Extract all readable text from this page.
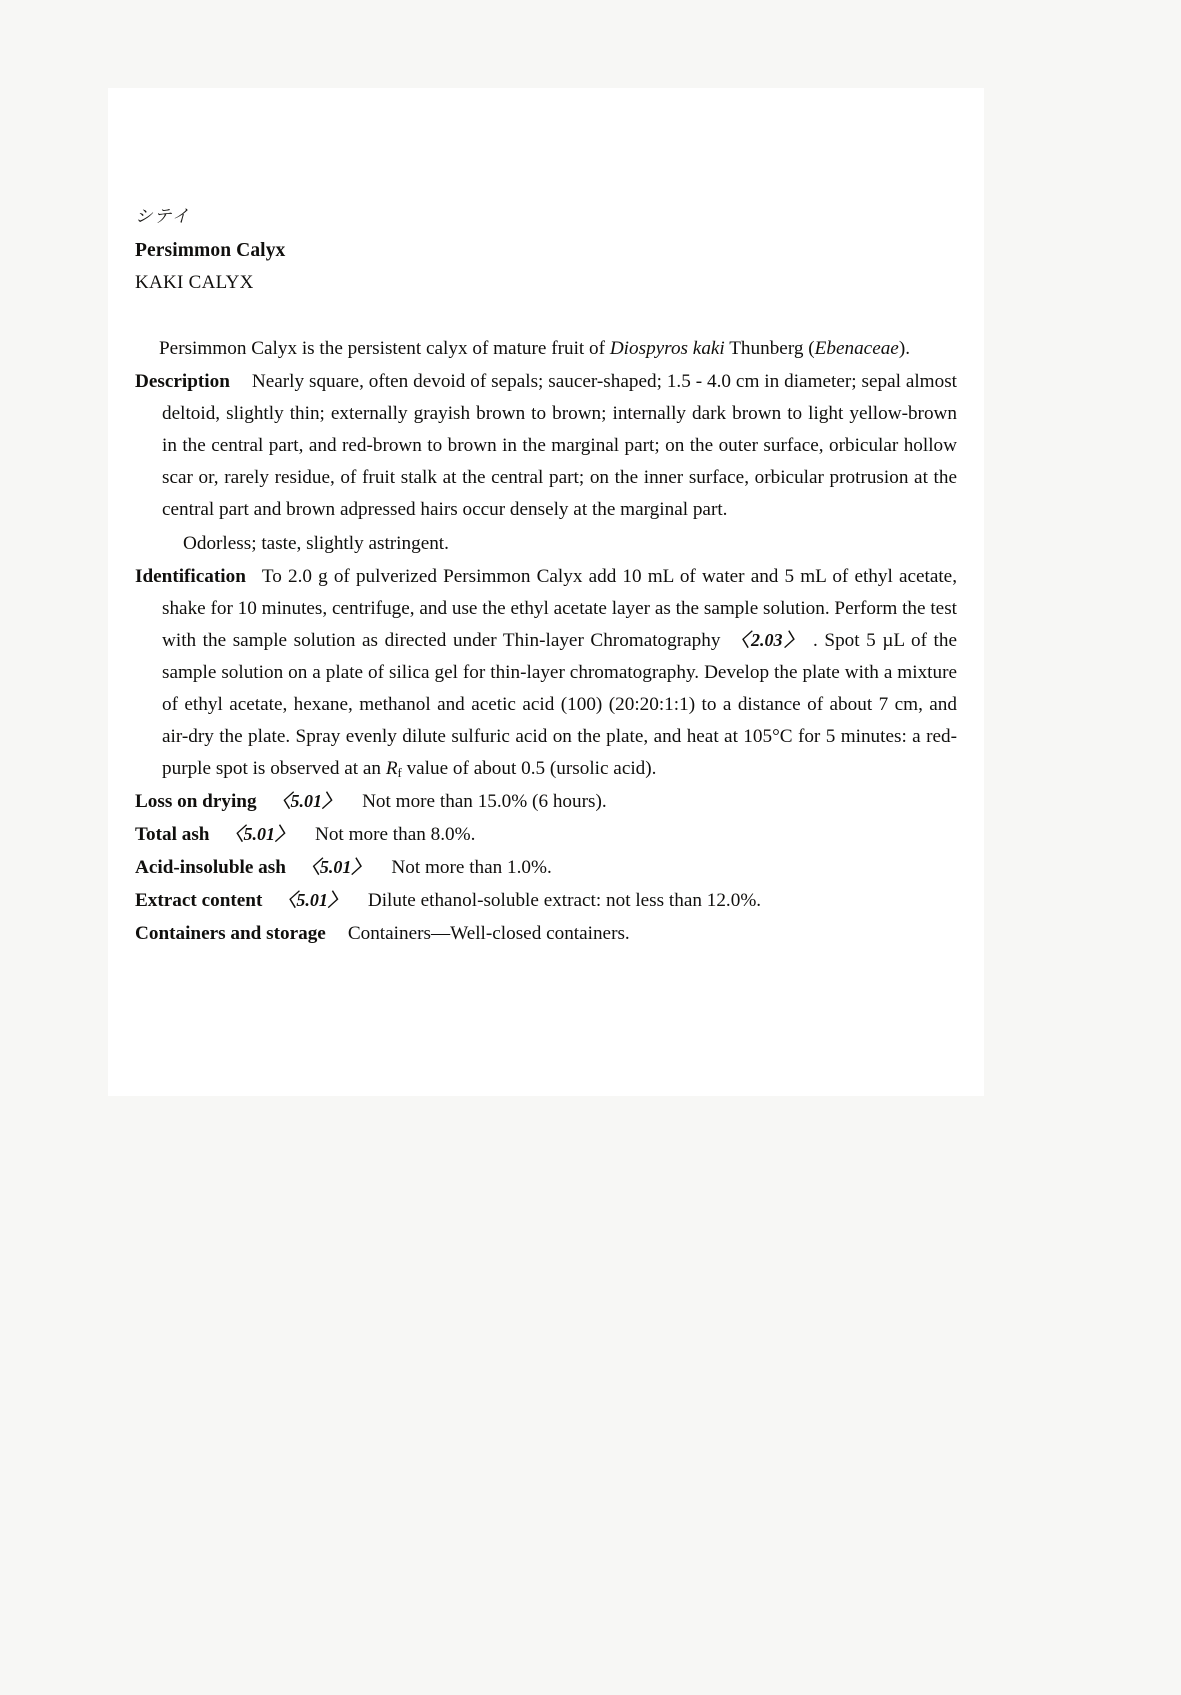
シテイ
Persimmon Calyx
KAKI CALYX

Persimmon Calyx is the persistent calyx of mature fruit of Diospyros kaki Thunberg (Ebenaceae).

Description Nearly square, often devoid of sepals; saucer-shaped; 1.5 - 4.0 cm in diameter; sepal almost deltoid, slightly thin; externally grayish brown to brown; internally dark brown to light yellow-brown in the central part, and red-brown to brown in the marginal part; on the outer surface, orbicular hollow scar or, rarely residue, of fruit stalk at the central part; on the inner surface, orbicular protrusion at the central part and brown adpressed hairs occur densely at the marginal part.

Odorless; taste, slightly astringent.

Identification To 2.0 g of pulverized Persimmon Calyx add 10 mL of water and 5 mL of ethyl acetate, shake for 10 minutes, centrifuge, and use the ethyl acetate layer as the sample solution. Perform the test with the sample solution as directed under Thin-layer Chromatography 〈2.03〉 . Spot 5 µL of the sample solution on a plate of silica gel for thin-layer chromatography. Develop the plate with a mixture of ethyl acetate, hexane, methanol and acetic acid (100) (20:20:1:1) to a distance of about 7 cm, and air-dry the plate. Spray evenly dilute sulfuric acid on the plate, and heat at 105°C for 5 minutes: a red-purple spot is observed at an $R_f$ value of about 0.5 (ursolic acid).

Loss on drying 〈5.01〉 Not more than 15.0% (6 hours).

Total ash 〈5.01〉 Not more than 8.0%.

Acid-insoluble ash 〈5.01〉 Not more than 1.0%.

Extract content 〈5.01〉 Dilute ethanol-soluble extract: not less than 12.0%.

Containers and storage Containers—Well-closed containers.
